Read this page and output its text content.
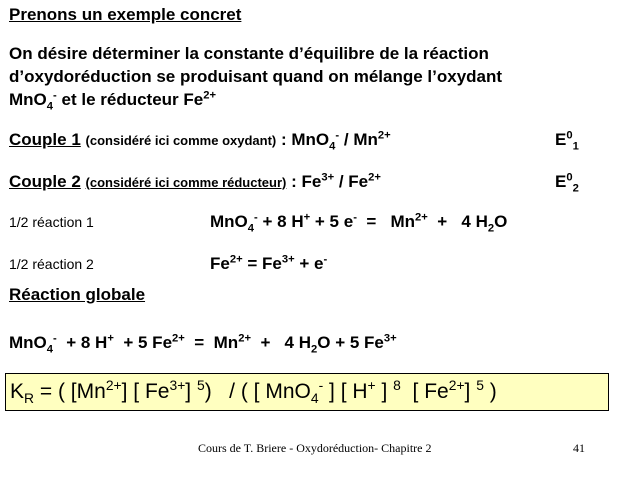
Prenons un exemple concret
On désire déterminer la constante d’équilibre de la réaction
d’oxydoréduction se produisant quand on mélange l’oxydant
MnO$_4$- et le réducteur $Fe^{2+}$
Couple 1 (considéré ici comme oxydant) : $MnO_4^- / Mn^{2+}$	$E^0_1$
Couple 2 (considéré ici comme réducteur) : $Fe^{3+} / Fe^{2+}$	$E^0_2$
1/2 réaction 1	MnO$_4$- + 8 H+ + 5 $e^- = Mn^{2+} + 4$ $H_2O$
1/2 réaction 2	$Fe^{2+} = Fe^{3+} + e^-$
Réaction globale
MnO$_4$-  + 8 H+  + 5 $Fe^{2+} = Mn^{2+} + 4$ $H_2O + 5$ $Fe^{3+}$
$K_R$ = ( $[Mn^{2+}]$ [ $Fe^{3+}$] $^5$)   / ( [ MnO$_4$- ] [ H+ ] $^8$  [ $Fe^{2+}$] $^5$ )
Cours de T. Briere - Oxydoréduction- Chapitre 2	41
